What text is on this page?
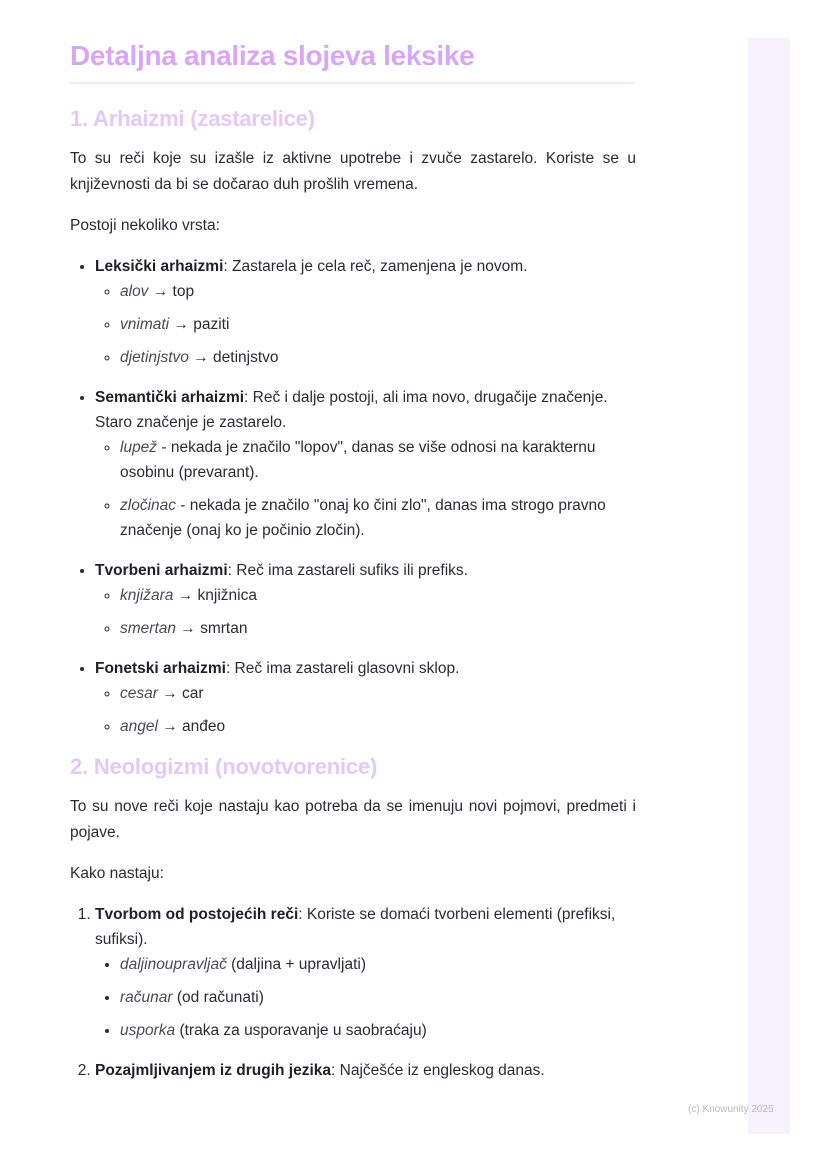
Detaljna analiza slojeva leksike
1. Arhaizmi (zastarelice)

To su reči koje su izašle iz aktivne upotrebe i zvuče zastarelo. Koriste se u književnosti da bi se dočarao duh prošlih vremena.

Postoji nekoliko vrsta:

• Leksički arhaizmi: Zastarela je cela reč, zamenjena je novom.
◦ alov → top
◦ vnimati → paziti
◦ djetinjstvo → detinjstvo
• Semantički arhaizmi: Reč i dalje postoji, ali ima novo, drugačije značenje. Staro značenje je zastarelo.
◦ lupež - nekada je značilo "lopov", danas se više odnosi na karakternu osobinu (prevarant).
◦ zločinac - nekada je značilo "onaj ko čini zlo", danas ima strogo pravno značenje (onaj ko je počinio zločin).
• Tvorbeni arhaizmi: Reč ima zastareli sufiks ili prefiks.
◦ knjižara → knjižnica
◦ smertan → smrtan
• Fonetski arhaizmi: Reč ima zastareli glasovni sklop.
◦ cesar → car
◦ angel → anđeo
2. Neologizmi (novotvorenice)

To su nove reči koje nastaju kao potreba da se imenuju novi pojmovi, predmeti i pojave.

Kako nastaju:

1. Tvorbom od postojećih reči: Koriste se domaći tvorbeni elementi (prefiksi, sufiksi).
• daljinoupravljač (daljina + upravljati)
• računar (od računati)
• usporka (traka za usporavanje u saobraćaju)
2. Pozajmljivanjem iz drugih jezika: Najčešće iz engleskog danas.
(c) Knowunity 2025
